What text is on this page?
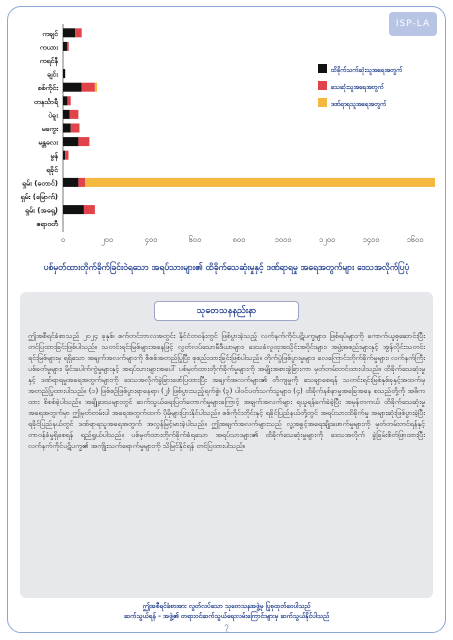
ISP-LA
ကချင်
ကယား
ကရင်နီ
ချင်း
စစ်ကိုင်း
တနင်္သာရီ
ပဲခူး
မကွေး
မန္တလေး
မွန်
ရခိုင်
ရှမ်း (တောင်)
ရှမ်း (မြောက်)
ရှမ်း (အရှေ့)
ဧရာဝတီ
၀	၂၀၀	၄၀၀	၆၀၀	၈၀၀	၁၀၀၀	၁၂၀၀	၁၄၀၀	၁၆၀၀
ထိခိုက်သက်ဆုံးသူအရေအတွက်
သေဆုံးသူအရေအတွက်
ဒဏ်ရာရသူအရေအတွက်
ပစ်မှတ်ထားတိုက်ခိုက်ခြင်းဝဲရသော အရပ်သားများ၏ ထိခိုက်သေဆုံးမှုနှင့် ဒဏ်ရာရမှု အရေအတွက်များ ဒေသအလိုက်ပြပုံ
သုတေသနနည်းနာ
ဤအစီရင်ခံစာသည် ၂၀၂၄ ခုနှစ်၊ စက်တင်ဘာလအတွင်း နိုင်ငံတဝန်းတွင် ဖြစ်ပွားခဲ့သည့် လက်နက်ကိုင်ပဋိပက္ခများ၊ ဖြစ်ရပ်များကို ကောက်ယူစုဆောင်းပြီး တင်ပြထားခြင်းဖြစ်ပါသည်။ သတင်းရင်းမြစ်များအနေဖြင့် လွတ်လပ်သောမီဒီယာများ၊ ဒေသခံလူထုအသိုင်းအဝိုင်းများ၊ အဖွဲ့အစည်းများနှင့် အွန်လိုင်းသတင်းရင်းမြစ်များမှ ရရှိသော အချက်အလက်များကို စိစစ်အတည်ပြုပြီး စုစည်းထားခြင်းဖြစ်ပါသည်။ တိုက်ပွဲဖြစ်ပွားမှုများ၊ လေကြောင်းတိုက်ခိုက်မှုများ၊ လက်နက်ကြီးပစ်ခတ်မှုများ၊ မိုင်းပေါက်ကွဲမှုများနှင့် အရပ်သားများအပေါ် ပစ်မှတ်ထားတိုက်ခိုက်မှုများကို အမျိုးအစားခွဲခြားကာ မှတ်တမ်းတင်ထားပါသည်။ ထိခိုက်သေဆုံးမှုနှင့် ဒဏ်ရာရမှုအရေအတွက်များကို ဒေသအလိုက်ခွဲခြားဖော်ပြထားပြီး အချက်အလက်များ၏ တိကျမှုကို သေချာစေရန် သတင်းရင်းမြစ်နှစ်ခုနှင့်အထက်မှ အတည်ပြုထားပါသည်။ (၁) ဖြစ်စဉ်ဖြစ်ပွားရာနေရာ၊ (၂) ဖြစ်ပွားသည့်ရက်စွဲ၊ (၃) ပါဝင်ပတ်သက်သူများ၊ (၄) ထိခိုက်နစ်နာမှုအခြေအနေ စသည်တို့ကို အဓိကထား စိစစ်ခဲ့ပါသည်။ အချို့ဒေသများတွင် ဆက်သွယ်ရေးပြတ်တောက်မှုများကြောင့် အချက်အလက်များ ရယူရန်ခက်ခဲခဲ့ပြီး အမှန်တကယ် ထိခိုက်သေဆုံးမှုအရေအတွက်မှာ ဤမှတ်တမ်းပါ အရေအတွက်ထက် ပိုမိုများပြားနိုင်ပါသည်။ စစ်ကိုင်းတိုင်းနှင့် ရခိုင်ပြည်နယ်တို့တွင် အရပ်သားထိခိုက်မှု အများဆုံးဖြစ်ပွားခဲ့ပြီး ရခိုင်ပြည်နယ်တွင် ဒဏ်ရာရသူအရေအတွက် အလွန်မြင့်မားခဲ့ပါသည်။ ဤအချက်အလက်များသည် လူ့အခွင့်အရေးချိုးဖောက်မှုများကို မှတ်တမ်းတင်ရန်နှင့် တာဝန်ခံမှုရှိစေရန် ရည်ရွယ်ပါသည်။ ပစ်မှတ်ထားတိုက်ခိုက်ခံရသော အရပ်သားများ၏ ထိခိုက်သေဆုံးမှုများကို ဒေသအလိုက် ခွဲခြမ်းစိတ်ဖြာထားပြီး လက်နက်ကိုင်ပဋိပက္ခ၏ အကျိုးသက်ရောက်မှုများကို သိမြင်နိုင်ရန် တင်ပြထားပါသည်။
ဤအစီရင်ခံစာအား လွတ်လပ်သော သုတေသနအဖွဲ့မှ ပြုစုထုတ်ဝေပါသည်
ဆက်သွယ်ရန် – အဖွဲ့၏ တရားဝင်ဆက်သွယ်ရေးလမ်းကြောင်းများမှ ဆက်သွယ်နိုင်ပါသည်
၇
